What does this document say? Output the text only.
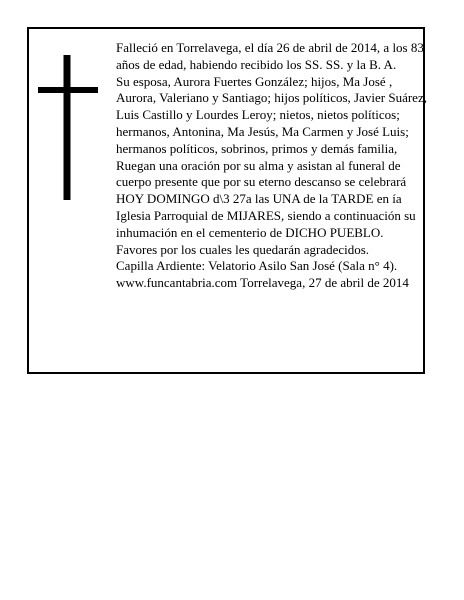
Falleció en Torrelavega, el día 26 de abril de 2014, a los 83 años de edad, habiendo recibido los SS. SS. y la B. A.

Su esposa, Aurora Fuertes González; hijos, Ma José , Aurora, Valeriano y Santiago; hijos políticos, Javier Suárez, Luis Castillo y Lourdes Leroy; nietos, nietos políticos; hermanos, Antonina, Ma Jesús, Ma Carmen y José Luis; hermanos políticos, sobrinos, primos y demás familia,

Ruegan una oración por su alma y asistan al funeral de cuerpo presente que por su eterno descanso se celebrará HOY DOMINGO d\3 27a las UNA de la TARDE en ía Iglesia Parroquial de MIJARES, siendo a continuación su inhumación en el cementerio de DICHO PUEBLO.

Favores por los cuales les quedarán agradecidos.

Capilla Ardiente: Velatorio Asilo San José (Sala n° 4).

www.funcantabria.com Torrelavega, 27 de abril de 2014
